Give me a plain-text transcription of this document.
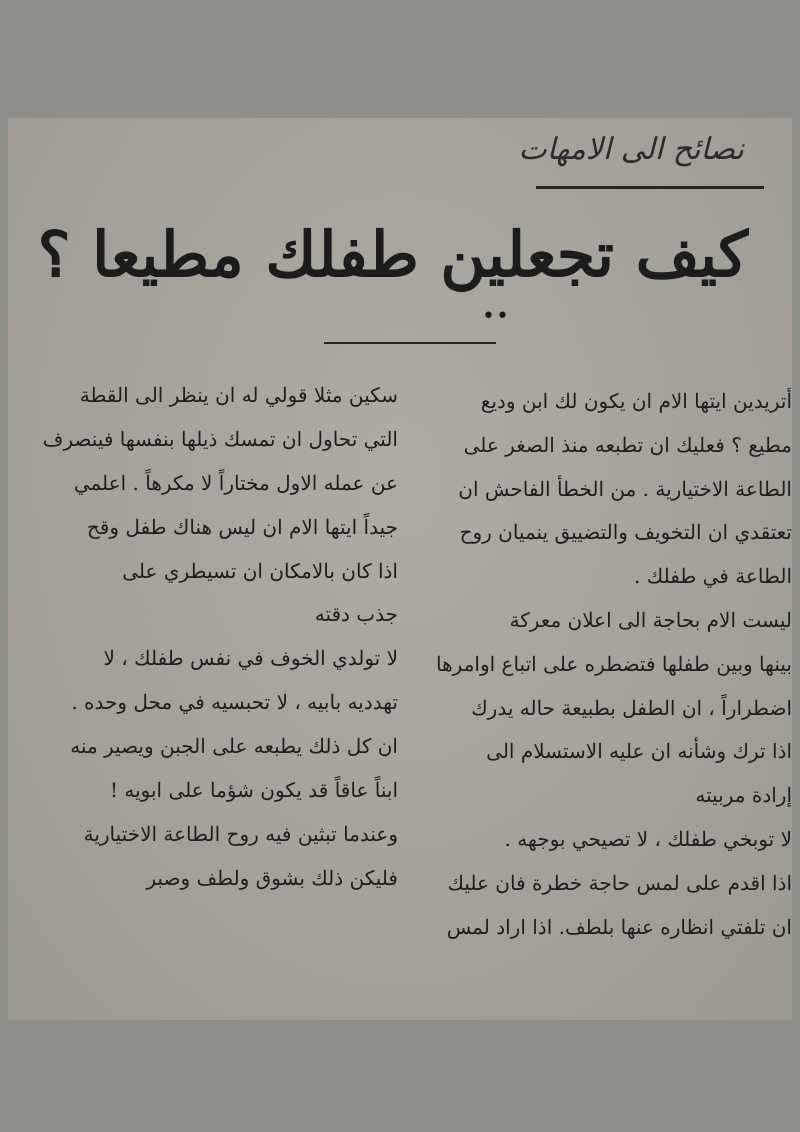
نصائح الى الامهات
كيف تجعلين طفلك مطيعا ؟
••
أتريدين ايتها الام ان يكون لك ابن وديع
مطيع ؟ فعليك ان تطبعه منذ الصغر على
الطاعة الاختيارية . من الخطأ الفاحش ان
تعتقدي ان التخويف والتضييق ينميان روح
الطاعة في طفلك .
ليست الام بحاجة الى اعلان معركة
بينها وبين طفلها فتضطره على اتباع اوامرها
اضطراراً ، ان الطفل بطبيعة حاله يدرك
اذا ترك وشأنه ان عليه الاستسلام الى
إرادة مربيته
لا توبخي طفلك ، لا تصيحي بوجهه .
اذا اقدم على لمس حاجة خطرة فان عليك
ان تلفتي انظاره عنها بلطف. اذا اراد لمس
سكين مثلا قولي له ان ينظر الى القطة
التي تحاول ان تمسك ذيلها بنفسها فينصرف
عن عمله الاول مختاراً لا مكرهاً . اعلمي
جيداً ايتها الام ان ليس هناك طفل وقح
اذا كان بالامكان ان تسيطري على
جذب دقته
لا تولدي الخوف في نفس طفلك ، لا
تهدديه بابيه ، لا تحبسيه في محل وحده .
ان كل ذلك يطبعه على الجبن ويصير منه
ابناً عاقاً قد يكون شؤما على ابويه !
وعندما تبثين فيه روح الطاعة الاختيارية
فليكن ذلك بشوق ولطف وصبر
